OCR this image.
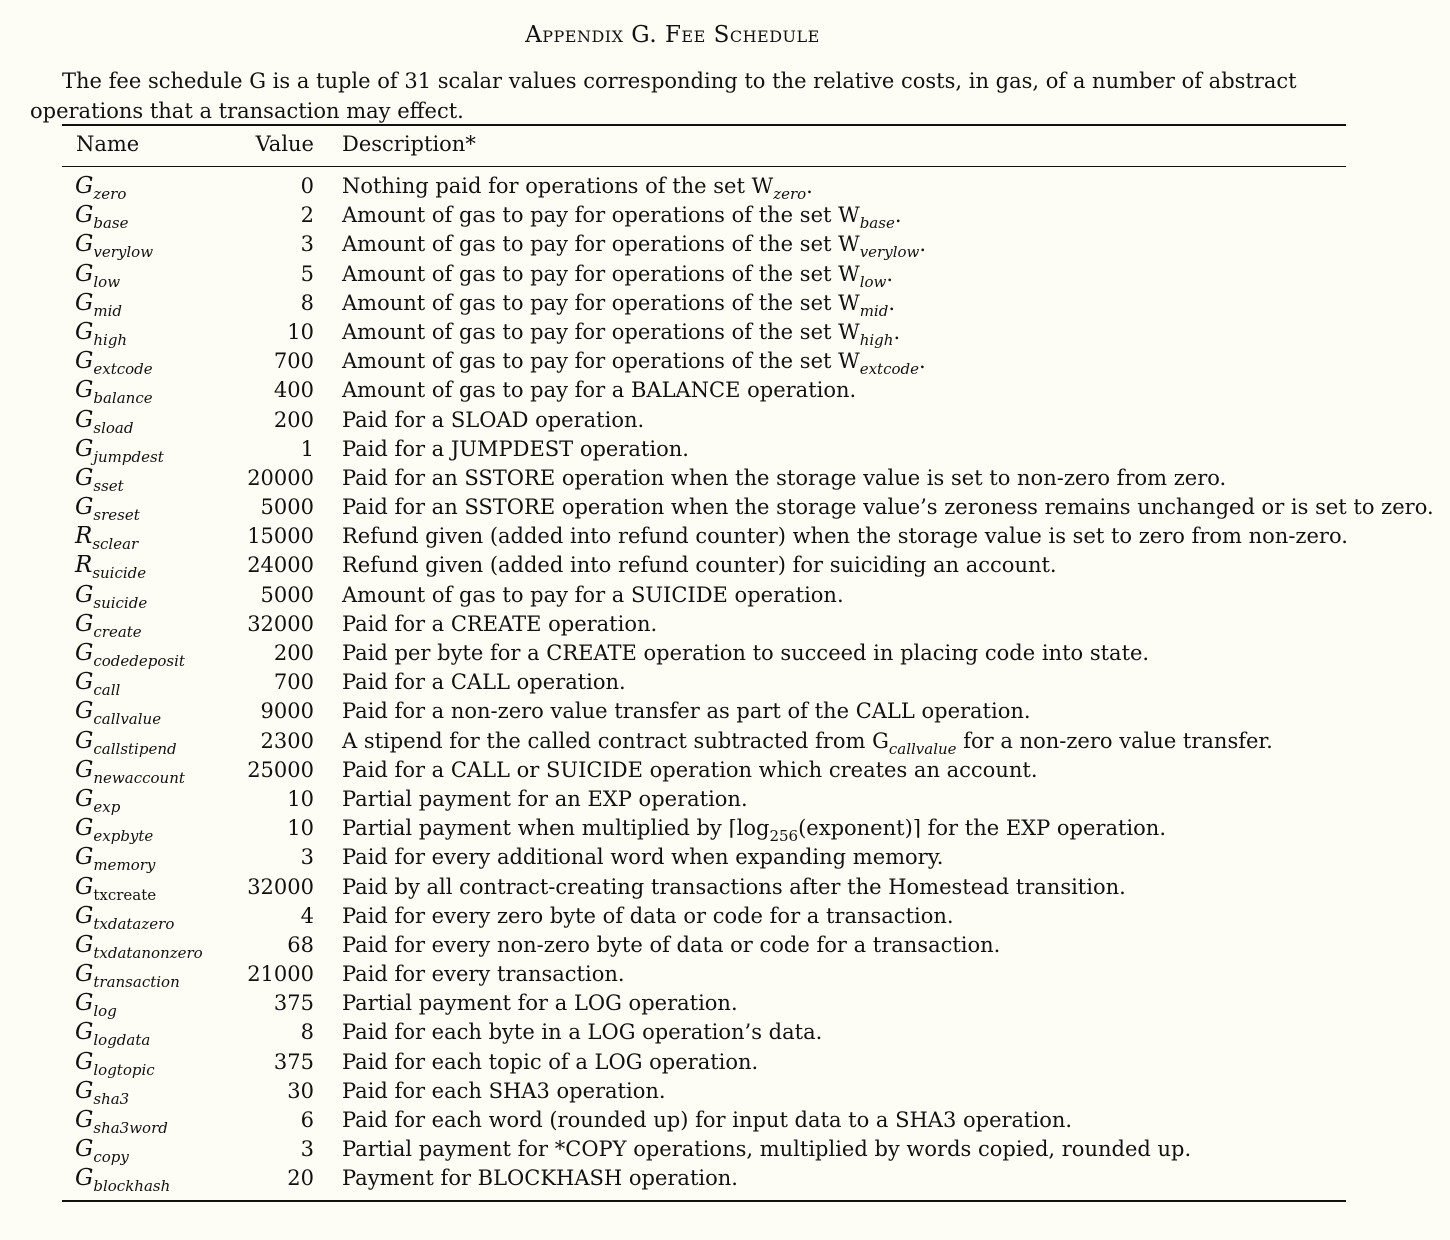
Appendix G. Fee Schedule
The fee schedule G is a tuple of 31 scalar values corresponding to the relative costs, in gas, of a number of abstract operations that a transaction may effect.
Name	Value Description*
$G_{zero}$	0 Nothing paid for operations of the set $W_{zero}$.
$G_{base}$	2 Amount of gas to pay for operations of the set $W_{base}$.
$G_{verylow}$	3 Amount of gas to pay for operations of the set $W_{verylow}$.
$G_{low}$	5 Amount of gas to pay for operations of the set $W_{low}$.
$G_{mid}$	8 Amount of gas to pay for operations of the set $W_{mid}$.
$G_{high}$	10 Amount of gas to pay for operations of the set $W_{high}$.
$G_{extcode}$	700 Amount of gas to pay for operations of the set $W_{extcode}$.
$G_{balance}$	400 Amount of gas to pay for a BALANCE operation.
$G_{sload}$	200 Paid for a SLOAD operation.
$G_{jumpdest}$	1 Paid for a JUMPDEST operation.
$G_{sset}$	20000 Paid for an SSTORE operation when the storage value is set to non-zero from zero.
$G_{sreset}$	5000 Paid for an SSTORE operation when the storage value’s zeroness remains unchanged or is set to zero.
$R_{sclear}$	15000 Refund given (added into refund counter) when the storage value is set to zero from non-zero.
$R_{suicide}$	24000 Refund given (added into refund counter) for suiciding an account.
$G_{suicide}$	5000 Amount of gas to pay for a SUICIDE operation.
$G_{create}$	32000 Paid for a CREATE operation.
$G_{codedeposit}$	200 Paid per byte for a CREATE operation to succeed in placing code into state.
$G_{call}$	700 Paid for a CALL operation.
$G_{callvalue}$	9000 Paid for a non-zero value transfer as part of the CALL operation.
$G_{callstipend}$	2300 A stipend for the called contract subtracted from $G_{callvalue}$ for a non-zero value transfer.
$G_{newaccount}$	25000 Paid for a CALL or SUICIDE operation which creates an account.
$G_{exp}$	10 Partial payment for an EXP operation.
$G_{expbyte}$	10 Partial payment when multiplied by $⌈\log_{256}(exponent)⌉$ for the EXP operation.
$G_{memory}$	3 Paid for every additional word when expanding memory.
$G_{txcreate}$	32000 Paid by all contract-creating transactions after the Homestead transition.
$G_{txdatazero}$	4 Paid for every zero byte of data or code for a transaction.
$G_{txdatanonzero}$	68 Paid for every non-zero byte of data or code for a transaction.
$G_{transaction}$	21000 Paid for every transaction.
$G_{log}$	375 Partial payment for a LOG operation.
$G_{logdata}$	8 Paid for each byte in a LOG operation’s data.
$G_{logtopic}$	375 Paid for each topic of a LOG operation.
$G_{sha3}$	30 Paid for each SHA3 operation.
$G_{sha3word}$	6 Paid for each word (rounded up) for input data to a SHA3 operation.
$G_{copy}$	3 Partial payment for *COPY operations, multiplied by words copied, rounded up.
$G_{blockhash}$	20 Payment for BLOCKHASH operation.
